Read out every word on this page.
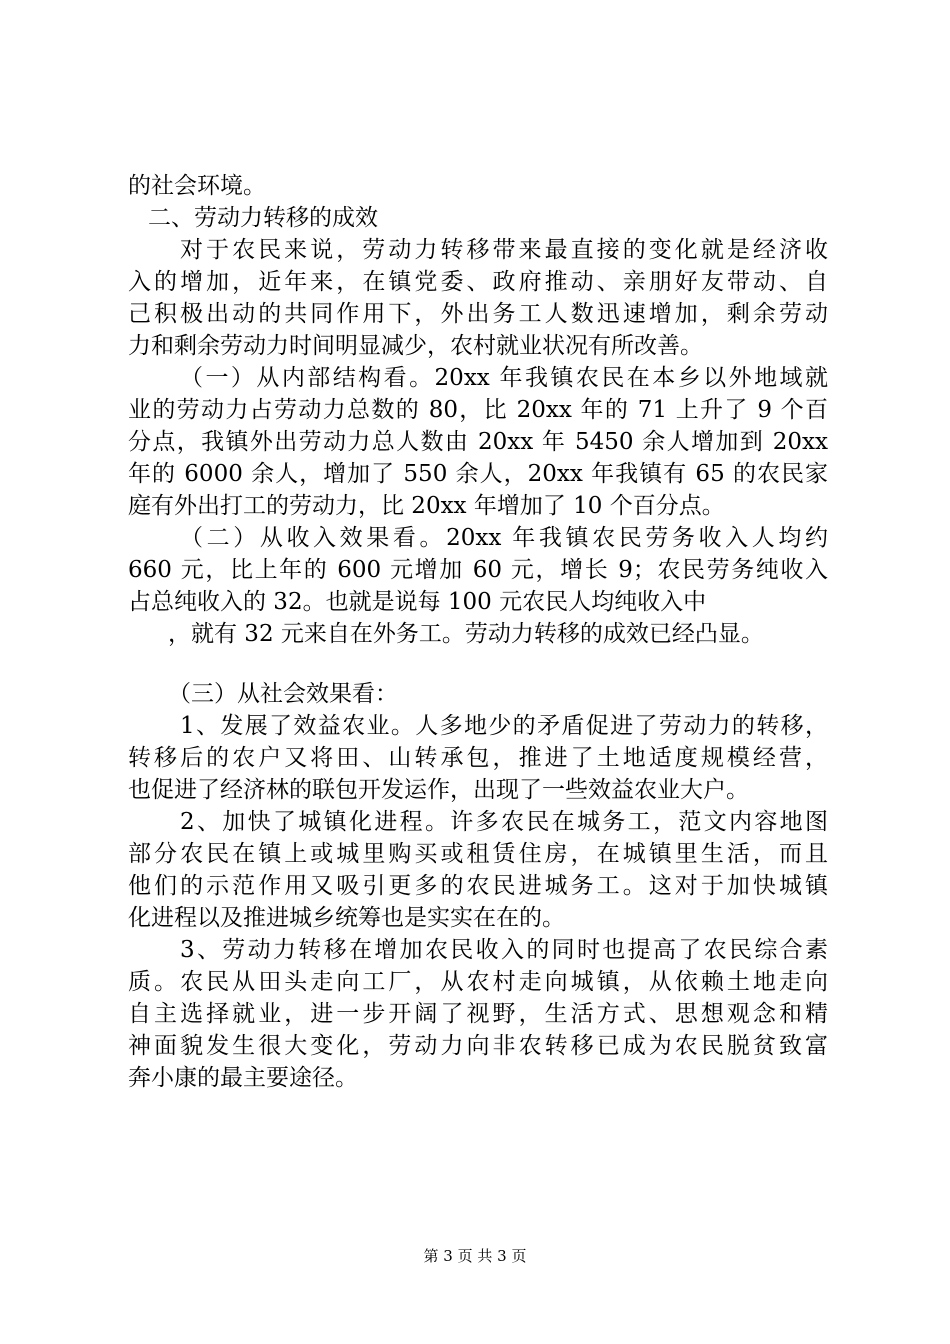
的社会环境。
二、劳动力转移的成效
对于农民来说，劳动力转移带来最直接的变化就是经济收
入的增加，近年来，在镇党委、政府推动、亲朋好友带动、自
己积极出动的共同作用下，外出务工人数迅速增加，剩余劳动
力和剩余劳动力时间明显减少，农村就业状况有所改善。
（一）从内部结构看。20xx 年我镇农民在本乡以外地域就
业的劳动力占劳动力总数的 80，比 20xx 年的 71 上升了 9 个百
分点，我镇外出劳动力总人数由 20xx 年 5450 余人增加到 20xx
年的 6000 余人，增加了 550 余人，20xx 年我镇有 65 的农民家
庭有外出打工的劳动力，比 20xx 年增加了 10 个百分点。
（二）从收入效果看。20xx 年我镇农民劳务收入人均约
660 元，比上年的 600 元增加 60 元，增长 9；农民劳务纯收入
占总纯收入的 32。也就是说每 100 元农民人均纯收入中
，就有 32 元来自在外务工。劳动力转移的成效已经凸显。
（三）从社会效果看：
1、发展了效益农业。人多地少的矛盾促进了劳动力的转移，
转移后的农户又将田、山转承包，推进了土地适度规模经营，
也促进了经济林的联包开发运作，出现了一些效益农业大户。
2、加快了城镇化进程。许多农民在城务工，范文内容地图
部分农民在镇上或城里购买或租赁住房，在城镇里生活，而且
他们的示范作用又吸引更多的农民进城务工。这对于加快城镇
化进程以及推进城乡统筹也是实实在在的。
3、劳动力转移在增加农民收入的同时也提高了农民综合素
质。农民从田头走向工厂，从农村走向城镇，从依赖土地走向
自主选择就业，进一步开阔了视野，生活方式、思想观念和精
神面貌发生很大变化，劳动力向非农转移已成为农民脱贫致富
奔小康的最主要途径。
第 3 页 共 3 页
